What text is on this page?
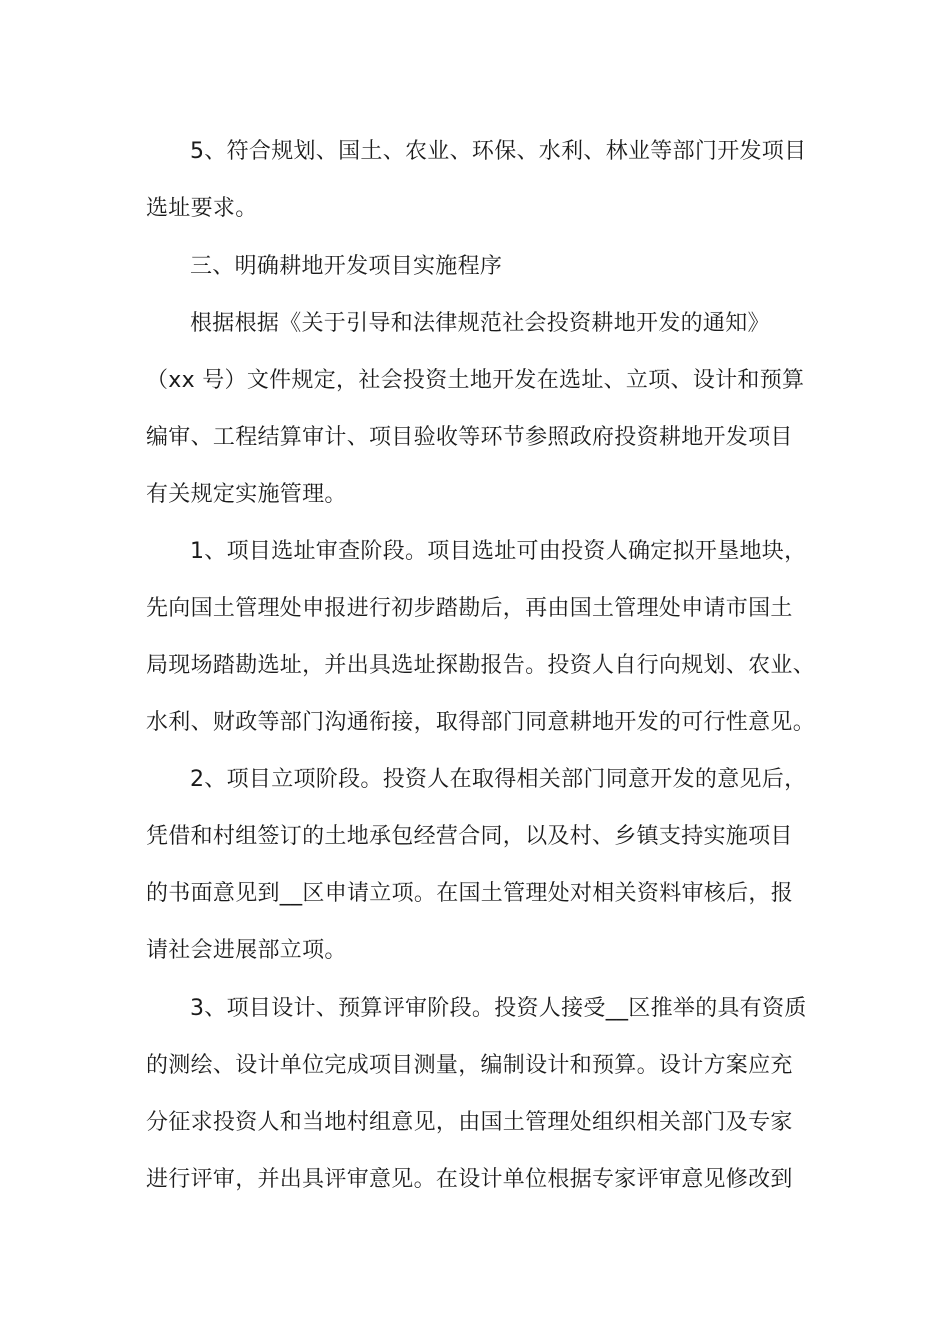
5、符合规划、国土、农业、环保、水利、林业等部门开发项目
选址要求。
三、明确耕地开发项目实施程序
根据根据《关于引导和法律规范社会投资耕地开发的通知》
（xx 号）文件规定，社会投资土地开发在选址、立项、设计和预算
编审、工程结算审计、项目验收等环节参照政府投资耕地开发项目
有关规定实施管理。
1、项目选址审查阶段。项目选址可由投资人确定拟开垦地块，
先向国土管理处申报进行初步踏勘后，再由国土管理处申请市国土
局现场踏勘选址，并出具选址探勘报告。投资人自行向规划、农业、
水利、财政等部门沟通衔接，取得部门同意耕地开发的可行性意见。
2、项目立项阶段。投资人在取得相关部门同意开发的意见后，
凭借和村组签订的土地承包经营合同，以及村、乡镇支持实施项目
的书面意见到__区申请立项。在国土管理处对相关资料审核后，报
请社会进展部立项。
3、项目设计、预算评审阶段。投资人接受__区推举的具有资质
的测绘、设计单位完成项目测量，编制设计和预算。设计方案应充
分征求投资人和当地村组意见，由国土管理处组织相关部门及专家
进行评审，并出具评审意见。在设计单位根据专家评审意见修改到
